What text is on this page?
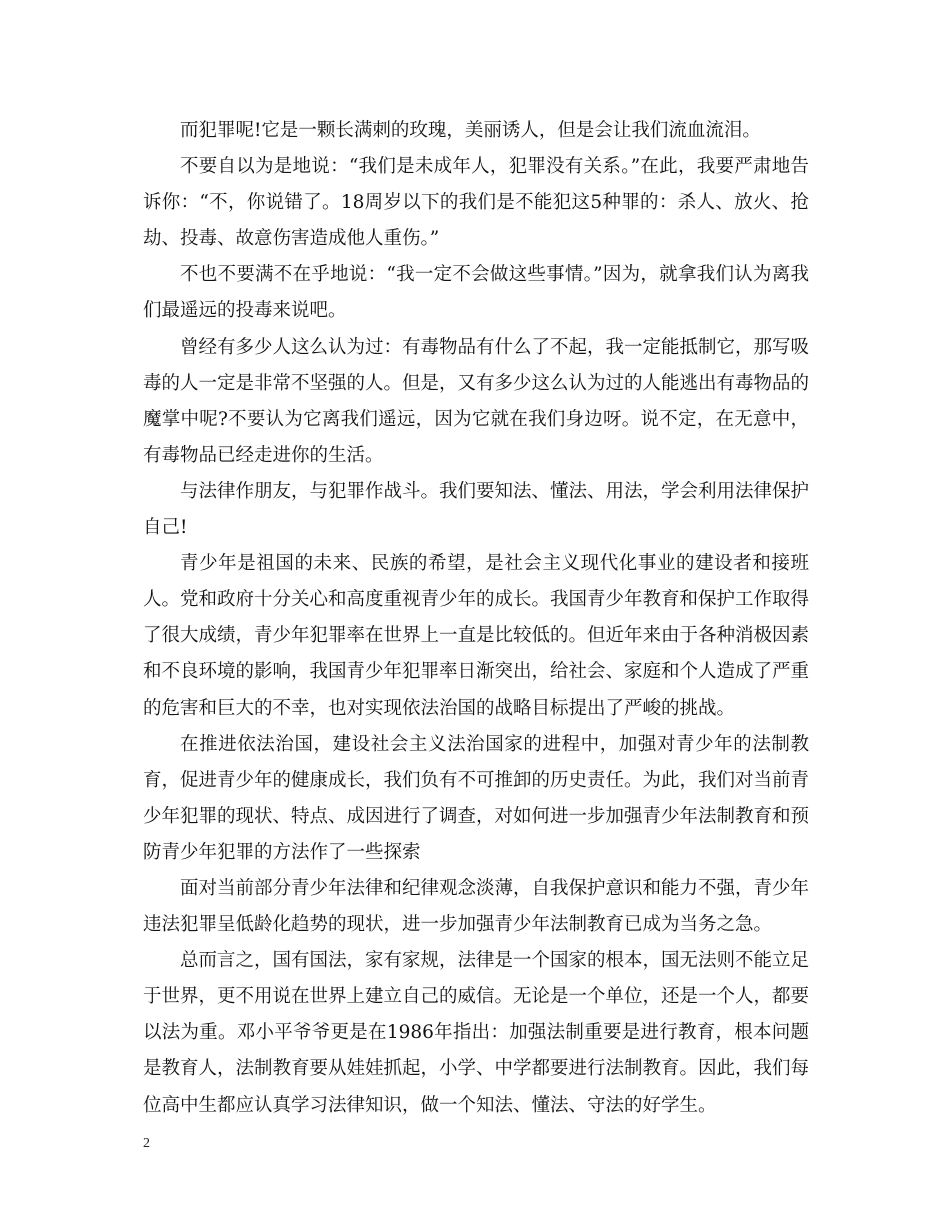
而犯罪呢!它是一颗长满刺的玫瑰，美丽诱人，但是会让我们流血流泪。

不要自以为是地说：“我们是未成年人，犯罪没有关系。”在此，我要严肃地告诉你：“不，你说错了。18周岁以下的我们是不能犯这5种罪的：杀人、放火、抢劫、投毒、故意伤害造成他人重伤。”

不也不要满不在乎地说：“我一定不会做这些事情。”因为，就拿我们认为离我们最遥远的投毒来说吧。

曾经有多少人这么认为过：有毒物品有什么了不起，我一定能抵制它，那写吸毒的人一定是非常不坚强的人。但是，又有多少这么认为过的人能逃出有毒物品的魔掌中呢?不要认为它离我们遥远，因为它就在我们身边呀。说不定，在无意中，有毒物品已经走进你的生活。

与法律作朋友，与犯罪作战斗。我们要知法、懂法、用法，学会利用法律保护自己!

青少年是祖国的未来、民族的希望，是社会主义现代化事业的建设者和接班人。党和政府十分关心和高度重视青少年的成长。我国青少年教育和保护工作取得了很大成绩，青少年犯罪率在世界上一直是比较低的。但近年来由于各种消极因素和不良环境的影响，我国青少年犯罪率日渐突出，给社会、家庭和个人造成了严重的危害和巨大的不幸，也对实现依法治国的战略目标提出了严峻的挑战。

在推进依法治国，建设社会主义法治国家的进程中，加强对青少年的法制教育，促进青少年的健康成长，我们负有不可推卸的历史责任。为此，我们对当前青少年犯罪的现状、特点、成因进行了调查，对如何进一步加强青少年法制教育和预防青少年犯罪的方法作了一些探索

面对当前部分青少年法律和纪律观念淡薄，自我保护意识和能力不强，青少年违法犯罪呈低龄化趋势的现状，进一步加强青少年法制教育已成为当务之急。

总而言之，国有国法，家有家规，法律是一个国家的根本，国无法则不能立足于世界，更不用说在世界上建立自己的威信。无论是一个单位，还是一个人，都要以法为重。邓小平爷爷更是在1986年指出：加强法制重要是进行教育，根本问题是教育人，法制教育要从娃娃抓起，小学、中学都要进行法制教育。因此，我们每位高中生都应认真学习法律知识，做一个知法、懂法、守法的好学生。

2
